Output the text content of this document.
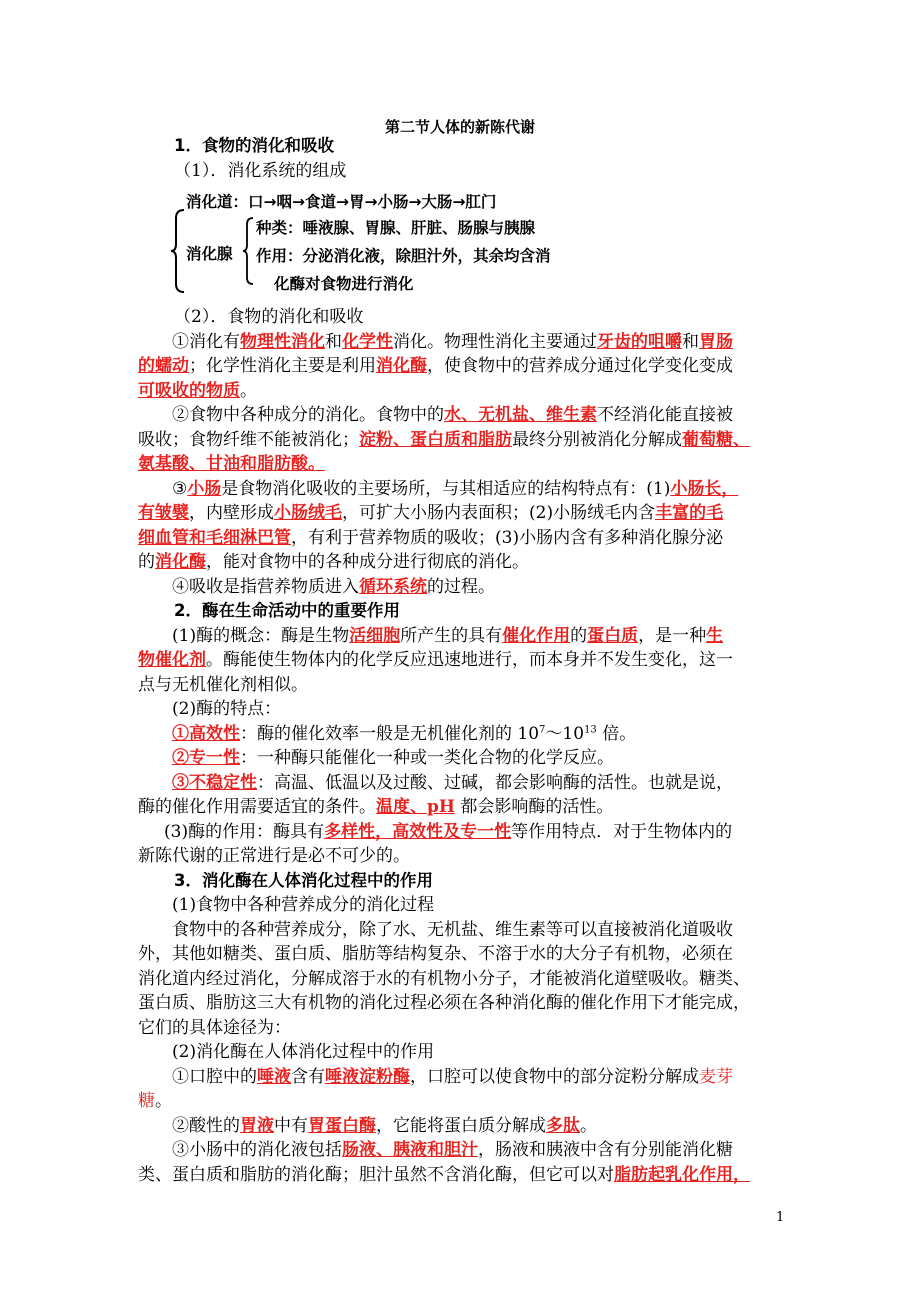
第二节人体的新陈代谢
1．食物的消化和吸收
（1）．消化系统的组成
消化道：口→咽→食道→胃→小肠→大肠→肛门
消化腺
种类：唾液腺、胃腺、肝脏、肠腺与胰腺
作用：分泌消化液，除胆汁外，其余均含消
化酶对食物进行消化
（2）．食物的消化和吸收
①消化有物理性消化和化学性消化。物理性消化主要通过牙齿的咀嚼和胃肠
的蠕动；化学性消化主要是利用消化酶，使食物中的营养成分通过化学变化变成
可吸收的物质。
②食物中各种成分的消化。食物中的水、无机盐、维生素不经消化能直接被
吸收；食物纤维不能被消化；淀粉、蛋白质和脂肪最终分别被消化分解成葡萄糖、
氨基酸、甘油和脂肪酸。
③小肠是食物消化吸收的主要场所，与其相适应的结构特点有：(1)小肠长，
有皱襞，内壁形成小肠绒毛，可扩大小肠内表面积；(2)小肠绒毛内含丰富的毛
细血管和毛细淋巴管，有利于营养物质的吸收；(3)小肠内含有多种消化腺分泌
的消化酶，能对食物中的各种成分进行彻底的消化。
④吸收是指营养物质进入循环系统的过程。
2．酶在生命活动中的重要作用
(1)酶的概念：酶是生物活细胞所产生的具有催化作用的蛋白质，是一种生
物催化剂。酶能使生物体内的化学反应迅速地进行，而本身并不发生变化，这一
点与无机催化剂相似。
(2)酶的特点：
①高效性：酶的催化效率一般是无机催化剂的 $10^7\sim 10^{13}$ 倍。
②专一性：一种酶只能催化一种或一类化合物的化学反应。
③不稳定性：高温、低温以及过酸、过碱，都会影响酶的活性。也就是说，
酶的催化作用需要适宜的条件。温度、pH 都会影响酶的活性。
(3)酶的作用：酶具有多样性，高效性及专一性等作用特点．对于生物体内的
新陈代谢的正常进行是必不可少的。
3．消化酶在人体消化过程中的作用
(1)食物中各种营养成分的消化过程
食物中的各种营养成分，除了水、无机盐、维生素等可以直接被消化道吸收
外，其他如糖类、蛋白质、脂肪等结构复杂、不溶于水的大分子有机物，必须在
消化道内经过消化，分解成溶于水的有机物小分子，才能被消化道壁吸收。糖类、
蛋白质、脂肪这三大有机物的消化过程必须在各种消化酶的催化作用下才能完成，
它们的具体途径为：
(2)消化酶在人体消化过程中的作用
①口腔中的唾液含有唾液淀粉酶，口腔可以使食物中的部分淀粉分解成麦芽
糖。
②酸性的胃液中有胃蛋白酶，它能将蛋白质分解成多肽。
③小肠中的消化液包括肠液、胰液和胆汁，肠液和胰液中含有分别能消化糖
类、蛋白质和脂肪的消化酶；胆汁虽然不含消化酶，但它可以对脂肪起乳化作用，
1
